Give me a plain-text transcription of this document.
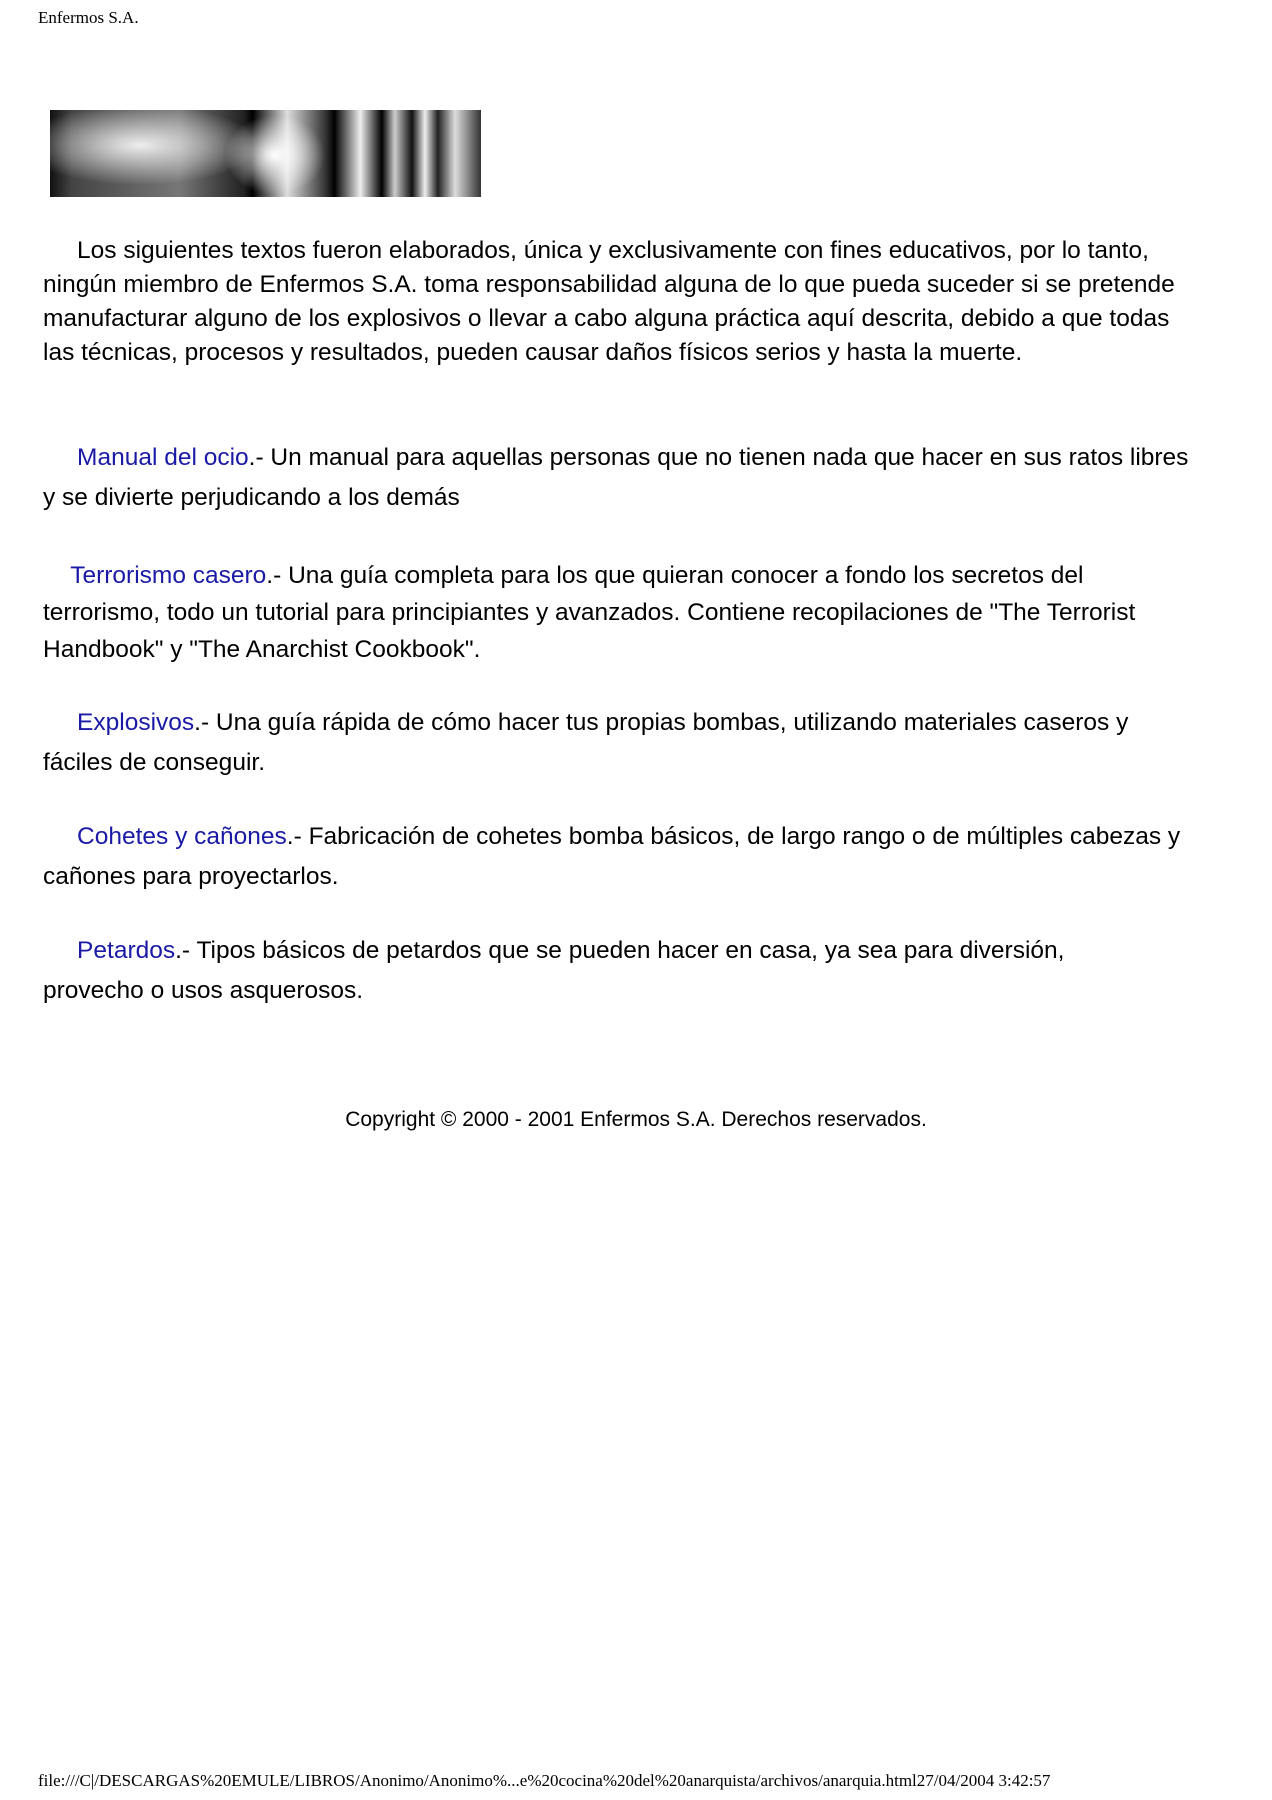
Enfermos S.A.
Los siguientes textos fueron elaborados, única y exclusivamente con fines educativos, por lo tanto, ningún miembro de Enfermos S.A. toma responsabilidad alguna de lo que pueda suceder si se pretende manufacturar alguno de los explosivos o llevar a cabo alguna práctica aquí descrita, debido a que todas las técnicas, procesos y resultados, pueden causar daños físicos serios y hasta la muerte.
Manual del ocio.- Un manual para aquellas personas que no tienen nada que hacer en sus ratos libres y se divierte perjudicando a los demás
Terrorismo casero.- Una guía completa para los que quieran conocer a fondo los secretos del terrorismo, todo un tutorial para principiantes y avanzados. Contiene recopilaciones de "The Terrorist Handbook" y "The Anarchist Cookbook".
Explosivos.- Una guía rápida de cómo hacer tus propias bombas, utilizando materiales caseros y fáciles de conseguir.
Cohetes y cañones.- Fabricación de cohetes bomba básicos, de largo rango o de múltiples cabezas y cañones para proyectarlos.
Petardos.- Tipos básicos de petardos que se pueden hacer en casa, ya sea para diversión, provecho o usos asquerosos.
Copyright © 2000 - 2001 Enfermos S.A. Derechos reservados.
file:///C|/DESCARGAS%20EMULE/LIBROS/Anonimo/Anonimo%...e%20cocina%20del%20anarquista/archivos/anarquia.html27/04/2004 3:42:57
